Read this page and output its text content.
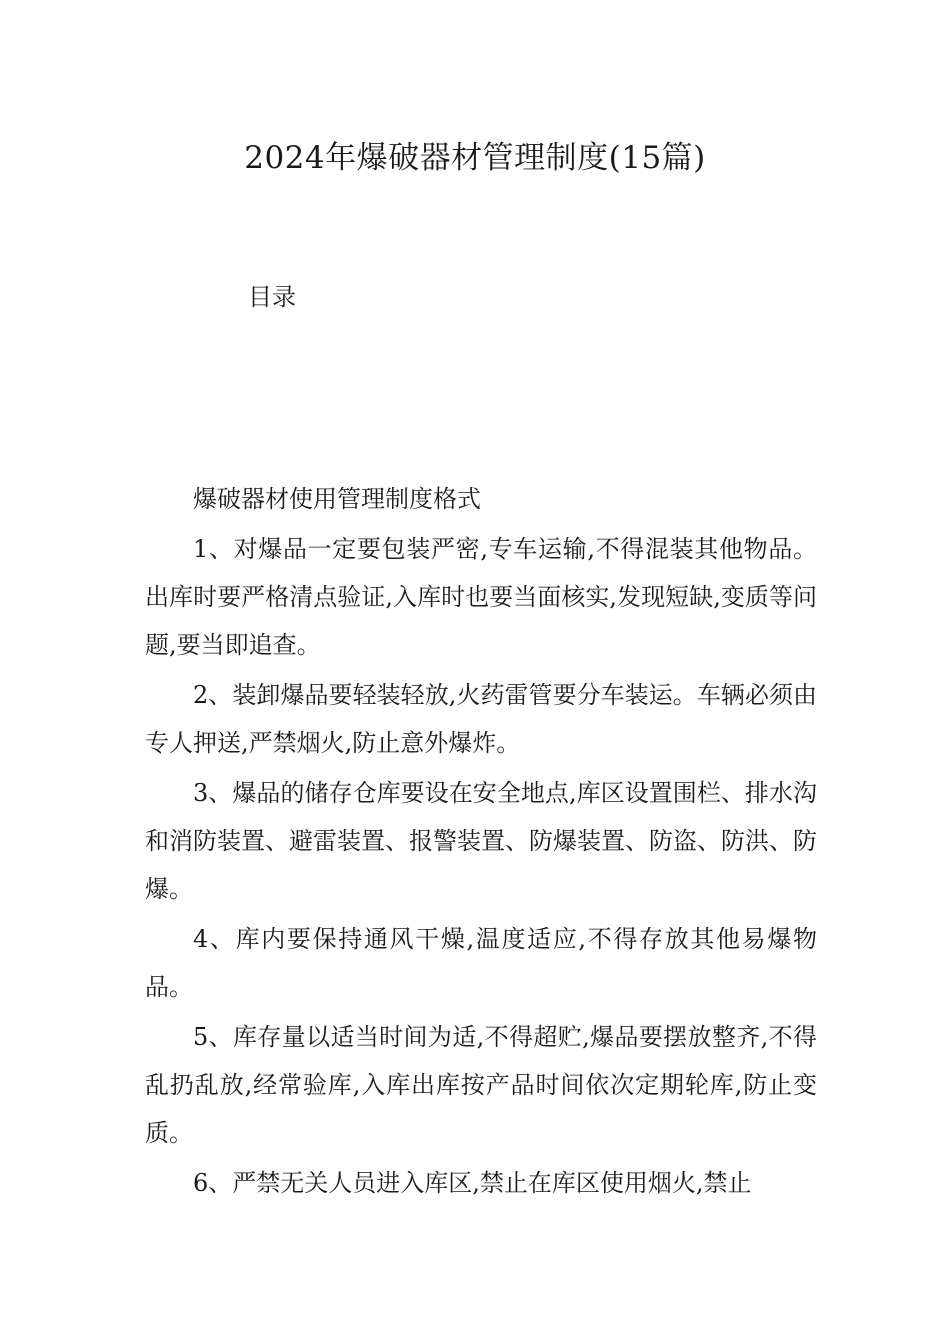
2024年爆破器材管理制度(15篇)
目录

爆破器材使用管理制度格式

1、对爆品一定要包装严密,专车运输,不得混装其他物品。出库时要严格清点验证,入库时也要当面核实,发现短缺,变质等问题,要当即追查。

2、装卸爆品要轻装轻放,火药雷管要分车装运。车辆必须由专人押送,严禁烟火,防止意外爆炸。

3、爆品的储存仓库要设在安全地点,库区设置围栏、排水沟和消防装置、避雷装置、报警装置、防爆装置、防盗、防洪、防爆。

4、库内要保持通风干燥,温度适应,不得存放其他易爆物品。

5、库存量以适当时间为适,不得超贮,爆品要摆放整齐,不得乱扔乱放,经常验库,入库出库按产品时间依次定期轮库,防止变质。

6、严禁无关人员进入库区,禁止在库区使用烟火,禁止
